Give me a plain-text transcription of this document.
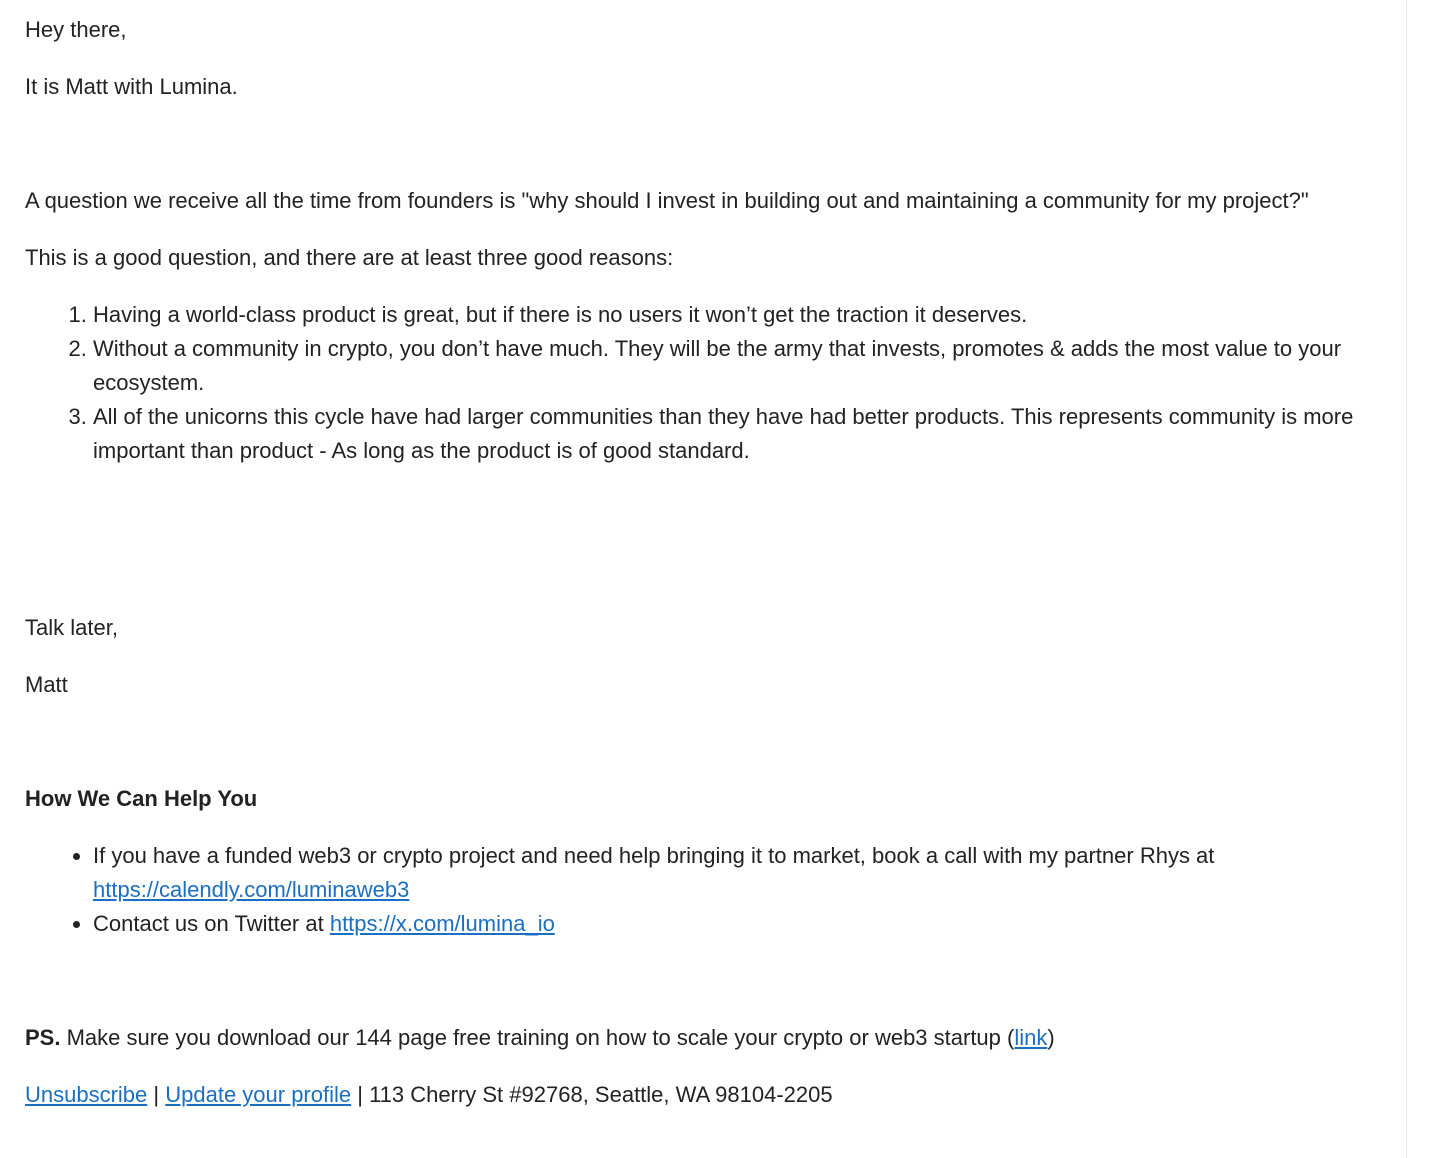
Hey there,

It is Matt with Lumina.

A question we receive all the time from founders is "why should I invest in building out and maintaining a community for my project?"

This is a good question, and there are at least three good reasons:

1. Having a world-class product is great, but if there is no users it won’t get the traction it deserves.
2. Without a community in crypto, you don’t have much. They will be the army that invests, promotes & adds the most value to your ecosystem.
3. All of the unicorns this cycle have had larger communities than they have had better products. This represents community is more important than product - As long as the product is of good standard.

Talk later,

Matt

How We Can Help You

• If you have a funded web3 or crypto project and need help bringing it to market, book a call with my partner Rhys at https://calendly.com/luminaweb3
• Contact us on Twitter at https://x.com/lumina_io

PS. Make sure you download our 144 page free training on how to scale your crypto or web3 startup (link)

Unsubscribe | Update your profile | 113 Cherry St #92768, Seattle, WA 98104-2205
